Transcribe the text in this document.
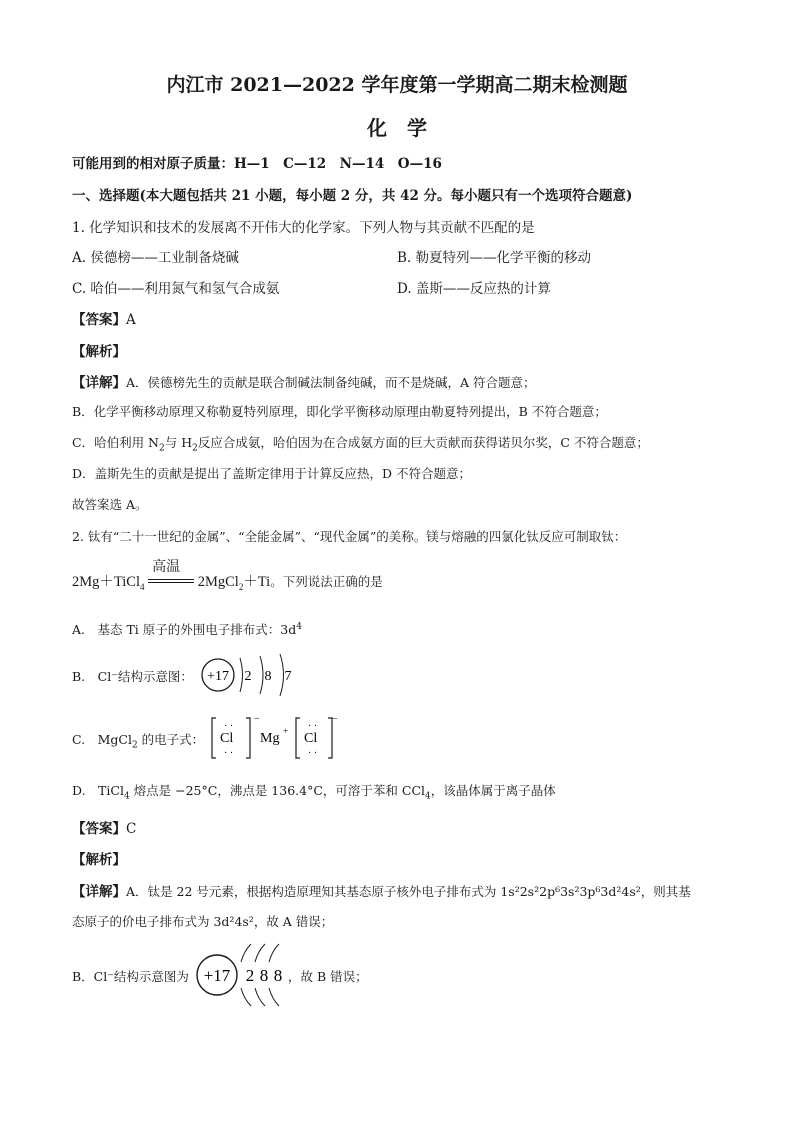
内江市 2021—2022 学年度第一学期高二期末检测题
化学
可能用到的相对原子质量：H—1　C—12　N—14　O—16
一、选择题(本大题包括共 21 小题，每小题 2 分，共 42 分。每小题只有一个选项符合题意)
1. 化学知识和技术的发展离不开伟大的化学家。下列人物与其贡献不匹配的是
A. 侯德榜——工业制备烧碱	B. 勒夏特列——化学平衡的移动
C. 哈伯——利用氮气和氢气合成氨	D. 盖斯——反应热的计算
【答案】A
【解析】
【详解】A．侯德榜先生的贡献是联合制碱法制备纯碱，而不是烧碱，A 符合题意；
B．化学平衡移动原理又称勒夏特列原理，即化学平衡移动原理由勒夏特列提出，B 不符合题意；
C．哈伯利用 $N_2$与 $H_2$反应合成氨，哈伯因为在合成氨方面的巨大贡献而获得诺贝尔奖，C 不符合题意；
D．盖斯先生的贡献是提出了盖斯定律用于计算反应热，D 不符合题意；
故答案选 A。
2. 钛有“二十一世纪的金属”、“全能金属”、“现代金属”的美称。镁与熔融的四氯化钛反应可制取钛：
2Mg＋TiCl$_4$
高温
2MgCl$_2$＋Ti。下列说法正确的是
A.　基态 Ti 原子的外围电子排布式：$3d^4$
B.　Cl⁻结构示意图： +17 2 8 7
C.　MgCl$_2$ 的电子式： Cl
· ·
· ·
−
Mg + Cl
· ·
· ·
−
D.　TiCl$_4$ 熔点是 −25°C，沸点是 136.4°C，可溶于苯和 CCl$_4$，该晶体属于离子晶体
【答案】C
【解析】
【详解】A．钛是 22 号元素，根据构造原理知其基态原子核外电子排布式为 1s²2s²2p⁶3s²3p⁶3d²4s²，则其基
态原子的价电子排布式为 3d²4s²，故 A 错误；
B．Cl⁻结构示意图为 +17 2 8 8 ，故 B 错误；
